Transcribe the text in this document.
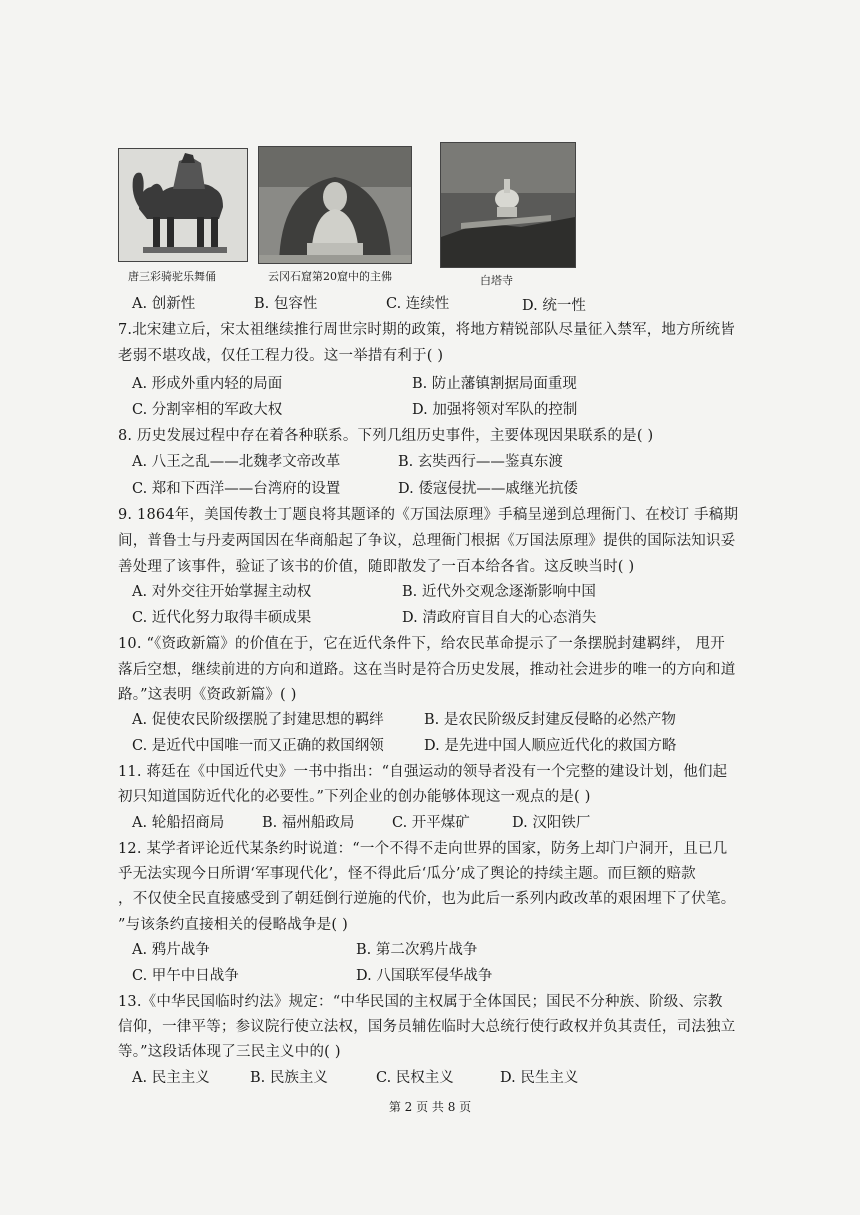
唐三彩骑驼乐舞俑	云冈石窟第20窟中的主佛	白塔寺
A. 创新性	B. 包容性	C. 连续性	D. 统一性
7.北宋建立后，宋太祖继续推行周世宗时期的政策，将地方精锐部队尽量征入禁军，地方所统皆
老弱不堪攻战，仅任工程力役。这一举措有利于( )
A. 形成外重内轻的局面	B. 防止藩镇割据局面重现
C. 分割宰相的军政大权	D. 加强将领对军队的控制
8. 历史发展过程中存在着各种联系。下列几组历史事件，主要体现因果联系的是( )
A. 八王之乱——北魏孝文帝改革	B. 玄奘西行——鉴真东渡
C. 郑和下西洋——台湾府的设置	D. 倭寇侵扰——戚继光抗倭
9. 1864年，美国传教士丁题良将其题译的《万国法原理》手稿呈递到总理衙门、在校订 手稿期
间，普鲁士与丹麦两国因在华商船起了争议，总理衙门根据《万国法原理》提供的国际法知识妥
善处理了该事件，验证了该书的价值，随即散发了一百本给各省。这反映当时( )
A. 对外交往开始掌握主动权	B. 近代外交观念逐渐影响中国
C. 近代化努力取得丰硕成果	D. 清政府盲目自大的心态消失
10. “《资政新篇》的价值在于，它在近代条件下，给农民革命提示了一条摆脱封建羁绊， 甩开
落后空想，继续前进的方向和道路。这在当时是符合历史发展，推动社会进步的唯一的方向和道
路。”这表明《资政新篇》( )
A. 促使农民阶级摆脱了封建思想的羁绊	B. 是农民阶级反封建反侵略的必然产物
C. 是近代中国唯一而又正确的救国纲领	D. 是先进中国人顺应近代化的救国方略
11. 蒋廷在《中国近代史》一书中指出：“自强运动的领导者没有一个完整的建设计划，他们起
初只知道国防近代化的必要性。”下列企业的创办能够体现这一观点的是( )
A. 轮船招商局	B. 福州船政局	C. 开平煤矿	D. 汉阳铁厂
12. 某学者评论近代某条约时说道：“一个不得不走向世界的国家，防务上却门户洞开，且已几
乎无法实现今日所谓‘军事现代化’，怪不得此后‘瓜分’成了舆论的持续主题。而巨额的赔款
，不仅使全民直接感受到了朝廷倒行逆施的代价，也为此后一系列内政改革的艰困埋下了伏笔。
”与该条约直接相关的侵略战争是( )
A. 鸦片战争	B. 第二次鸦片战争
C. 甲午中日战争	D. 八国联军侵华战争
13.《中华民国临时约法》规定：“中华民国的主权属于全体国民；国民不分种族、阶级、宗教
信仰，一律平等；参议院行使立法权，国务员辅佐临时大总统行使行政权并负其责任，司法独立
等。”这段话体现了三民主义中的( )
A. 民主主义	B. 民族主义	C. 民权主义	D. 民生主义
第 2 页 共 8 页
